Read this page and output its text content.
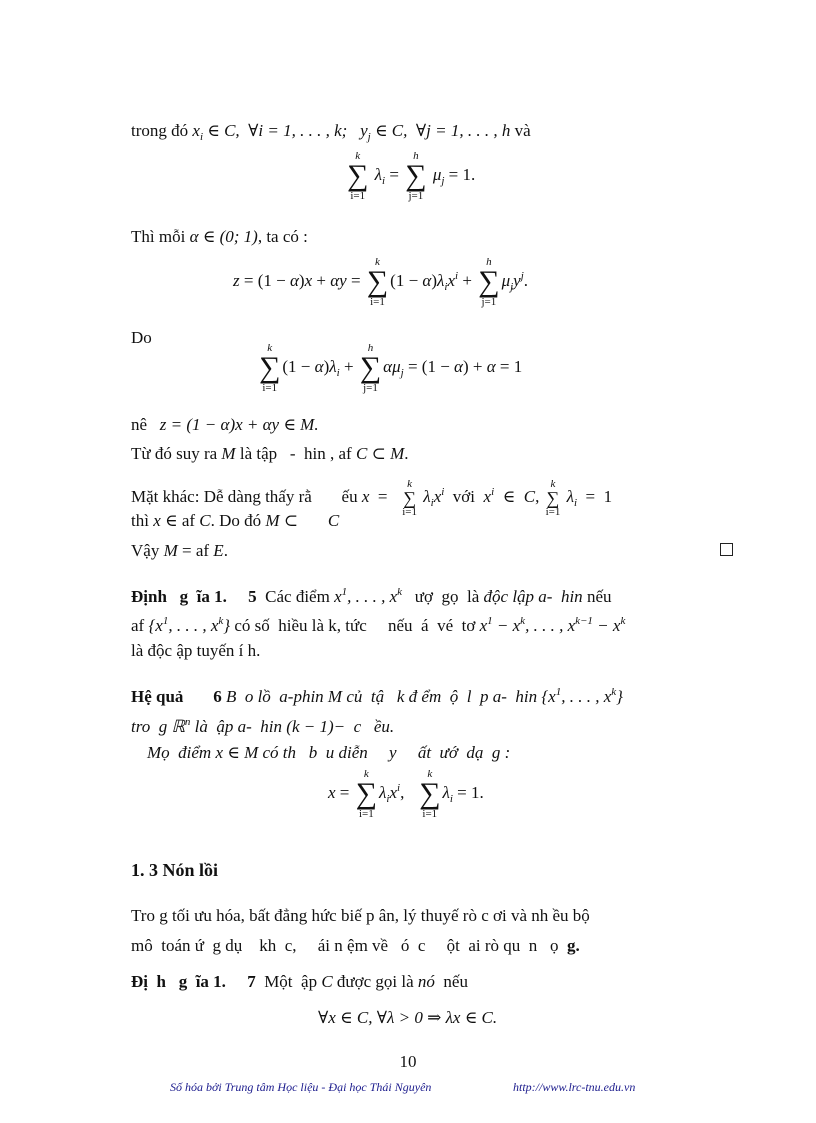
trong đó $x_i$ ∈ C,  ∀i = 1, . . . , k;   $y_j$ ∈ C,  ∀j = 1, . . . , h và
k
∑
i=1
$\lambda_i$ =
h
∑
j=1
$\mu_j = 1$.
Thì mỗi α ∈ (0; 1), ta có :
z = (1 − α)x + αy =
k
∑
i=1
$(1 - \alpha)\lambda_ix^i$ +
h
∑
j=1
$\mu_jy^j$.
Do
k
∑
i=1
$(1 - \alpha)\lambda_i$ +
h
∑
j=1
$\alpha\mu_j = (1 - \alpha) + \alpha = 1$
nê z = (1 − α)x + αy ∈ M.
Từ đó suy ra M là tập   -  hin , af C ⊂ M.
Mặt khác: Dễ dàng thấy rằ       ếu x  =
k
∑
i=1
$\lambda_ix^i$  với  $x^i$  ∈  C,
k
∑
i=1
$\lambda_i = 1$
thì x ∈ af C. Do đó M ⊂       C
Vậy M = af E.
Định   g  ĩa 1. 5  Các điểm $x^1$, . . . , $x^k$   ượ  gọ  là độc lập a-  hin nếu
af {$x^1$, . . . , $x^k$} có số  hiều là k, tức     nếu  á  vé  tơ $x^1 - x^k$, . . . , $x^{k-1} - x^k$
là độc ập tuyến í h.
Hệ quả 6 B  o lồ  a-phin M củ  tậ   k đ ểm  ộ  l  p a-  hin {$x^1$, . . . , $x^k$}
tro  g ℝ$^n$ là  ập a-  hin (k − 1)−  c   ều.
Mọ  điểm x ∈ M có th   b  u diễn     y     ất  ướ  dạ  g :
x =
k
∑
i=1
$\lambda_ix^i$,
k
∑
i=1
$\lambda_i = 1$.
1. 3 Nón lồi
Tro g tối ưu hóa, bất đẳng hức biế p ân, lý thuyế rò c ơi và nh ều bộ
mô  toán ứ  g dụ    kh  c,     ái n ệm về   ó  c     ột  ai rò qu  n   ọ  g.
Đị  h   g  ĩa 1. 7  Một  ập C được gọi là nó  nếu
∀x ∈ C, ∀λ > 0 ⇒ λx ∈ C.
10
Số hóa bởi Trung tâm Học liệu - Đại học Thái Nguyên	http://www.lrc-tnu.edu.vn
